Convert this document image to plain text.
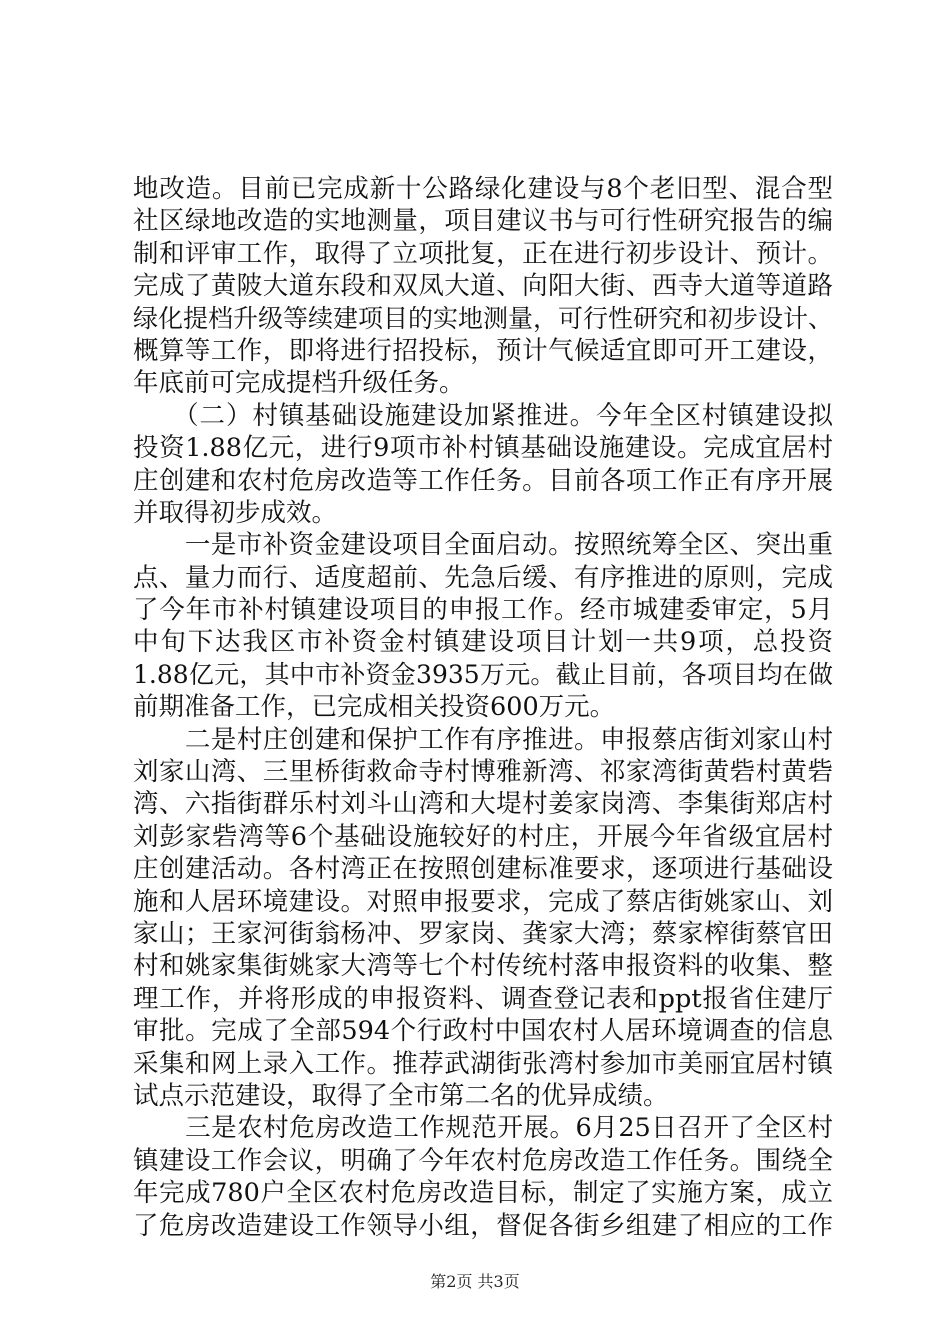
地改造。目前已完成新十公路绿化建设与8个老旧型、混合型
社区绿地改造的实地测量，项目建议书与可行性研究报告的编
制和评审工作，取得了立项批复，正在进行初步设计、预计。
完成了黄陂大道东段和双凤大道、向阳大街、西寺大道等道路
绿化提档升级等续建项目的实地测量，可行性研究和初步设计、
概算等工作，即将进行招投标，预计气候适宜即可开工建设，
年底前可完成提档升级任务。
　　（二）村镇基础设施建设加紧推进。今年全区村镇建设拟
投资1.88亿元，进行9项市补村镇基础设施建设。完成宜居村
庄创建和农村危房改造等工作任务。目前各项工作正有序开展
并取得初步成效。
　　一是市补资金建设项目全面启动。按照统筹全区、突出重
点、量力而行、适度超前、先急后缓、有序推进的原则，完成
了今年市补村镇建设项目的申报工作。经市城建委审定，5月
中旬下达我区市补资金村镇建设项目计划一共9项，总投资
1.88亿元，其中市补资金3935万元。截止目前，各项目均在做
前期准备工作，已完成相关投资600万元。
　　二是村庄创建和保护工作有序推进。申报蔡店街刘家山村
刘家山湾、三里桥街救命寺村博雅新湾、祁家湾街黄砦村黄砦
湾、六指街群乐村刘斗山湾和大堤村姜家岗湾、李集街郑店村
刘彭家砦湾等6个基础设施较好的村庄，开展今年省级宜居村
庄创建活动。各村湾正在按照创建标准要求，逐项进行基础设
施和人居环境建设。对照申报要求，完成了蔡店街姚家山、刘
家山；王家河街翁杨冲、罗家岗、龚家大湾；蔡家榨街蔡官田
村和姚家集街姚家大湾等七个村传统村落申报资料的收集、整
理工作，并将形成的申报资料、调查登记表和ppt报省住建厅
审批。完成了全部594个行政村中国农村人居环境调查的信息
采集和网上录入工作。推荐武湖街张湾村参加市美丽宜居村镇
试点示范建设，取得了全市第二名的优异成绩。
　　三是农村危房改造工作规范开展。6月25日召开了全区村
镇建设工作会议，明确了今年农村危房改造工作任务。围绕全
年完成780户全区农村危房改造目标，制定了实施方案，成立
了危房改造建设工作领导小组，督促各街乡组建了相应的工作
第2页 共3页
